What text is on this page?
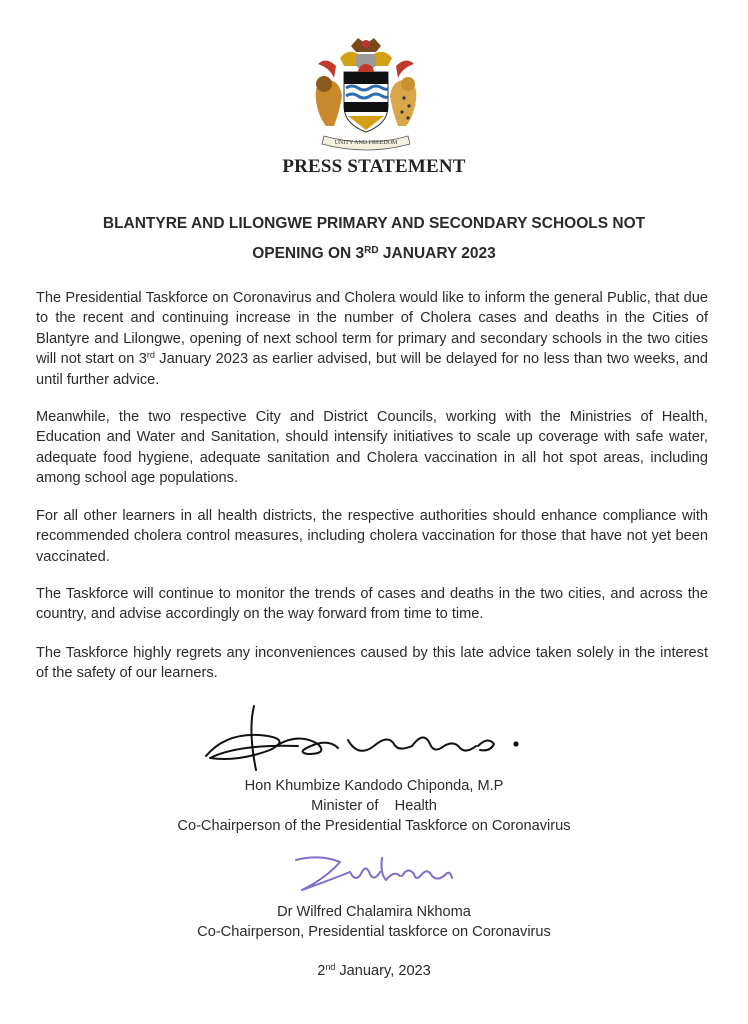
UNITY AND FREEDOM
PRESS STATEMENT
BLANTYRE AND LILONGWE PRIMARY AND SECONDARY SCHOOLS NOT
OPENING ON 3RD JANUARY 2023

The Presidential Taskforce on Coronavirus and Cholera would like to inform the general Public, that due to the recent and continuing increase in the number of Cholera cases and deaths in the Cities of Blantyre and Lilongwe, opening of next school term for primary and secondary schools in the two cities will not start on 3rd January 2023 as earlier advised, but will be delayed for no less than two weeks, and until further advice.

Meanwhile, the two respective City and District Councils, working with the Ministries of Health, Education and Water and Sanitation, should intensify initiatives to scale up coverage with safe water, adequate food hygiene, adequate sanitation and Cholera vaccination in all hot spot areas, including among school age populations.

For all other learners in all health districts, the respective authorities should enhance compliance with recommended cholera control measures, including cholera vaccination for those that have not yet been vaccinated.

The Taskforce will continue to monitor the trends of cases and deaths in the two cities, and across the country, and advise accordingly on the way forward from time to time.

The Taskforce highly regrets any inconveniences caused by this late advice taken solely in the interest of the safety of our learners.

Hon Khumbize Kandodo Chiponda, M.P
Minister of    Health
Co-Chairperson of the Presidential Taskforce on Coronavirus
Dr Wilfred Chalamira Nkhoma
Co-Chairperson, Presidential taskforce on Coronavirus
2nd January, 2023
